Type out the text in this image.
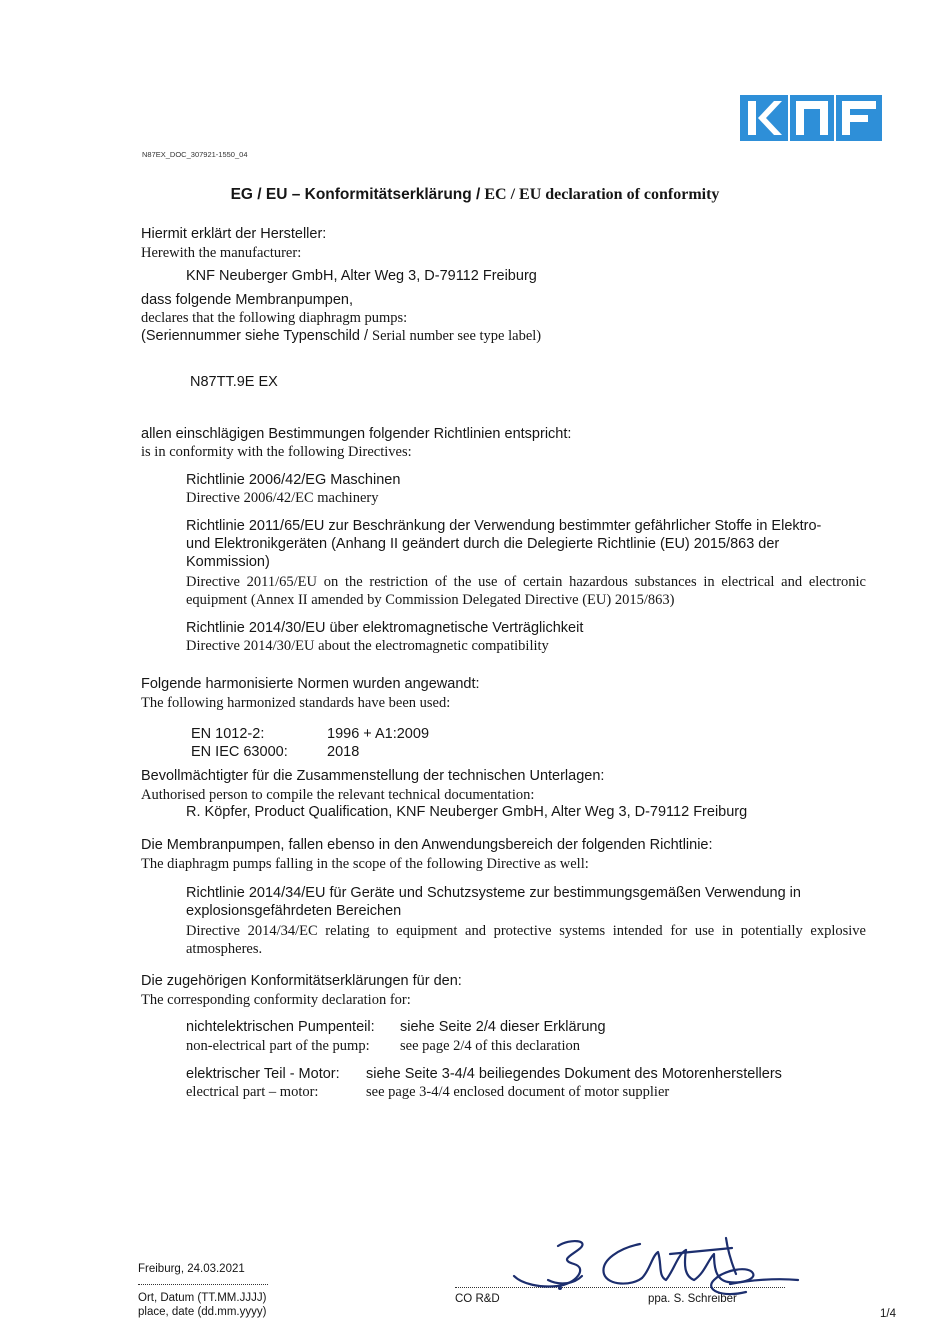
N87EX_DOC_307921-1550_04
EG / EU – Konformitätserklärung / EC / EU declaration of conformity
Hiermit erklärt der Hersteller:
Herewith the manufacturer:
KNF Neuberger GmbH, Alter Weg 3, D-79112 Freiburg
dass folgende Membranpumpen,
declares that the following diaphragm pumps:
(Seriennummer siehe Typenschild / Serial number see type label)
N87TT.9E EX
allen einschlägigen Bestimmungen folgender Richtlinien entspricht:
is in conformity with the following Directives:
Richtlinie 2006/42/EG Maschinen
Directive 2006/42/EC machinery
Richtlinie 2011/65/EU zur Beschränkung der Verwendung bestimmter gefährlicher Stoffe in Elektro- und Elektronikgeräten (Anhang II geändert durch die Delegierte Richtlinie (EU) 2015/863 der Kommission)
Directive 2011/65/EU on the restriction of the use of certain hazardous substances in electrical and electronic equipment (Annex II amended by Commission Delegated Directive (EU) 2015/863)
Richtlinie 2014/30/EU über elektromagnetische Verträglichkeit
Directive 2014/30/EU about the electromagnetic compatibility
Folgende harmonisierte Normen wurden angewandt:
The following harmonized standards have been used:
EN 1012-2:	1996 + A1:2009
EN IEC 63000:	2018
Bevollmächtigter für die Zusammenstellung der technischen Unterlagen:
Authorised person to compile the relevant technical documentation:
R. Köpfer, Product Qualification, KNF Neuberger GmbH, Alter Weg 3, D-79112 Freiburg
Die Membranpumpen, fallen ebenso in den Anwendungsbereich der folgenden Richtlinie:
The diaphragm pumps falling in the scope of the following Directive as well:
Richtlinie 2014/34/EU für Geräte und Schutzsysteme zur bestimmungsgemäßen Verwendung in explosionsgefährdeten Bereichen
Directive 2014/34/EC relating to equipment and protective systems intended for use in potentially explosive atmospheres.
Die zugehörigen Konformitätserklärungen für den:
The corresponding conformity declaration for:
nichtelektrischen Pumpenteil: siehe Seite 2/4 dieser Erklärung
non-electrical part of the pump: see page 2/4 of this declaration
elektrischer Teil - Motor: siehe Seite 3-4/4 beiliegendes Dokument des Motorenherstellers
electrical part – motor:	see page 3-4/4 enclosed document of motor supplier
Freiburg, 24.03.2021
Ort, Datum (TT.MM.JJJJ)
place, date (dd.mm.yyyy)
CO R&D	ppa. S. Schreiber
1/4
